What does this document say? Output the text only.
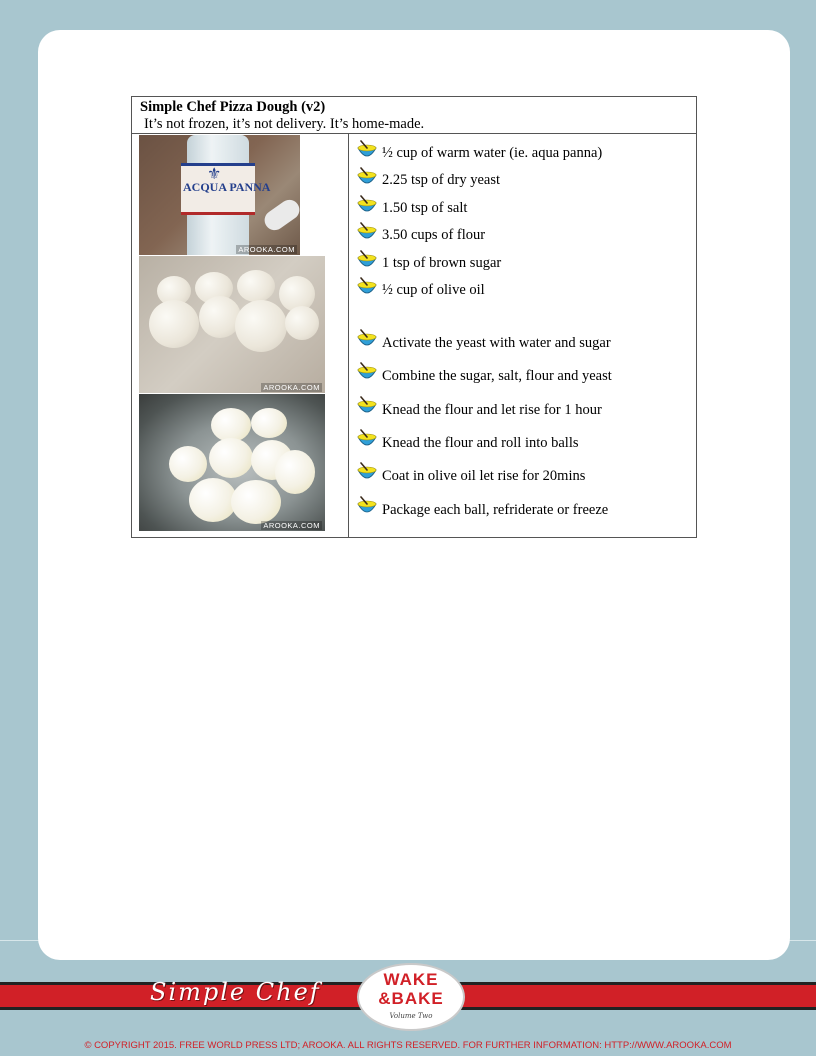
Simple Chef Pizza Dough (v2)
It’s not frozen, it’s not delivery. It’s home-made.
⚜
ACQUA PANNA
AROOKA.COM
AROOKA.COM
AROOKA.COM
½ cup of warm water (ie. aqua panna)
2.25 tsp of dry yeast
1.50 tsp of salt
3.50 cups of flour
1 tsp of brown sugar
½ cup of olive oil
Activate the yeast with water and sugar
Combine the sugar, salt, flour and yeast
Knead the flour and let rise for 1 hour
Knead the flour and roll into balls
Coat in olive oil let rise for 20mins
Package each ball, refriderate or freeze
Simple Chef	WAKE
&BAKE
Volume Two
© COPYRIGHT 2015. FREE WORLD PRESS LTD; AROOKA. ALL RIGHTS RESERVED. FOR FURTHER INFORMATION: HTTP://WWW.AROOKA.COM
